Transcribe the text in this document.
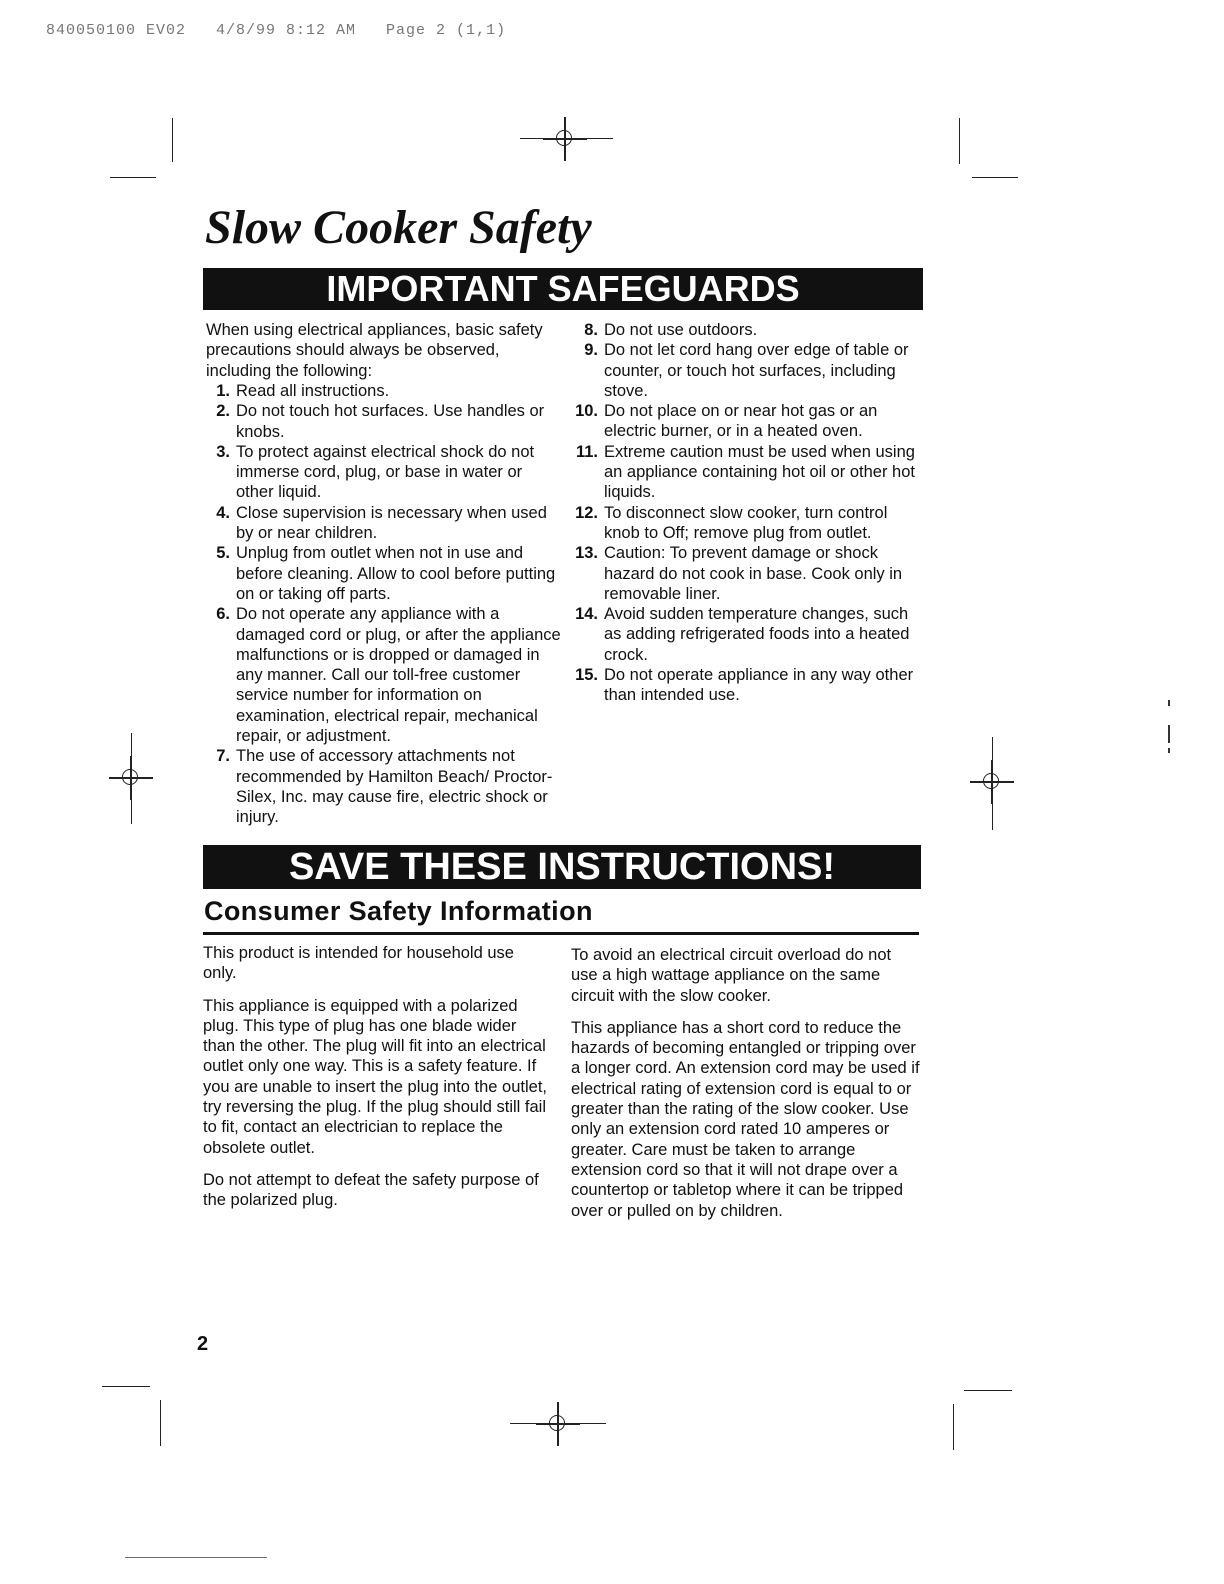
840050100 EV02   4/8/99 8:12 AM   Page 2 (1,1)
Slow Cooker Safety
IMPORTANT SAFEGUARDS
When using electrical appliances, basic safety precautions should always be observed, including the following:
1. Read all instructions.
2. Do not touch hot surfaces. Use handles or knobs.
3. To protect against electrical shock do not immerse cord, plug, or base in water or other liquid.
4. Close supervision is necessary when used by or near children.
5. Unplug from outlet when not in use and before cleaning. Allow to cool before putting on or taking off parts.
6. Do not operate any appliance with a damaged cord or plug, or after the appliance malfunctions or is dropped or damaged in any manner. Call our toll-free customer service number for information on examination, electrical repair, mechanical repair, or adjustment.
7. The use of accessory attachments not recommended by Hamilton Beach/ Proctor-Silex, Inc. may cause fire, electric shock or injury.
8. Do not use outdoors.
9. Do not let cord hang over edge of table or counter, or touch hot surfaces, including stove.
10. Do not place on or near hot gas or an electric burner, or in a heated oven.
11. Extreme caution must be used when using an appliance containing hot oil or other hot liquids.
12. To disconnect slow cooker, turn control knob to Off; remove plug from outlet.
13. Caution: To prevent damage or shock hazard do not cook in base. Cook only in removable liner.
14. Avoid sudden temperature changes, such as adding refrigerated foods into a heated crock.
15. Do not operate appliance in any way other than intended use.
SAVE THESE INSTRUCTIONS!
Consumer Safety Information

This product is intended for household use only.

This appliance is equipped with a polarized plug. This type of plug has one blade wider than the other. The plug will fit into an electrical outlet only one way. This is a safety feature. If you are unable to insert the plug into the outlet, try reversing the plug. If the plug should still fail to fit, contact an electrician to replace the obsolete outlet.

Do not attempt to defeat the safety purpose of the polarized plug.

To avoid an electrical circuit overload do not use a high wattage appliance on the same circuit with the slow cooker.

This appliance has a short cord to reduce the hazards of becoming entangled or tripping over a longer cord. An extension cord may be used if electrical rating of extension cord is equal to or greater than the rating of the slow cooker. Use only an extension cord rated 10 amperes or greater. Care must be taken to arrange extension cord so that it will not drape over a countertop or tabletop where it can be tripped over or pulled on by children.

2
